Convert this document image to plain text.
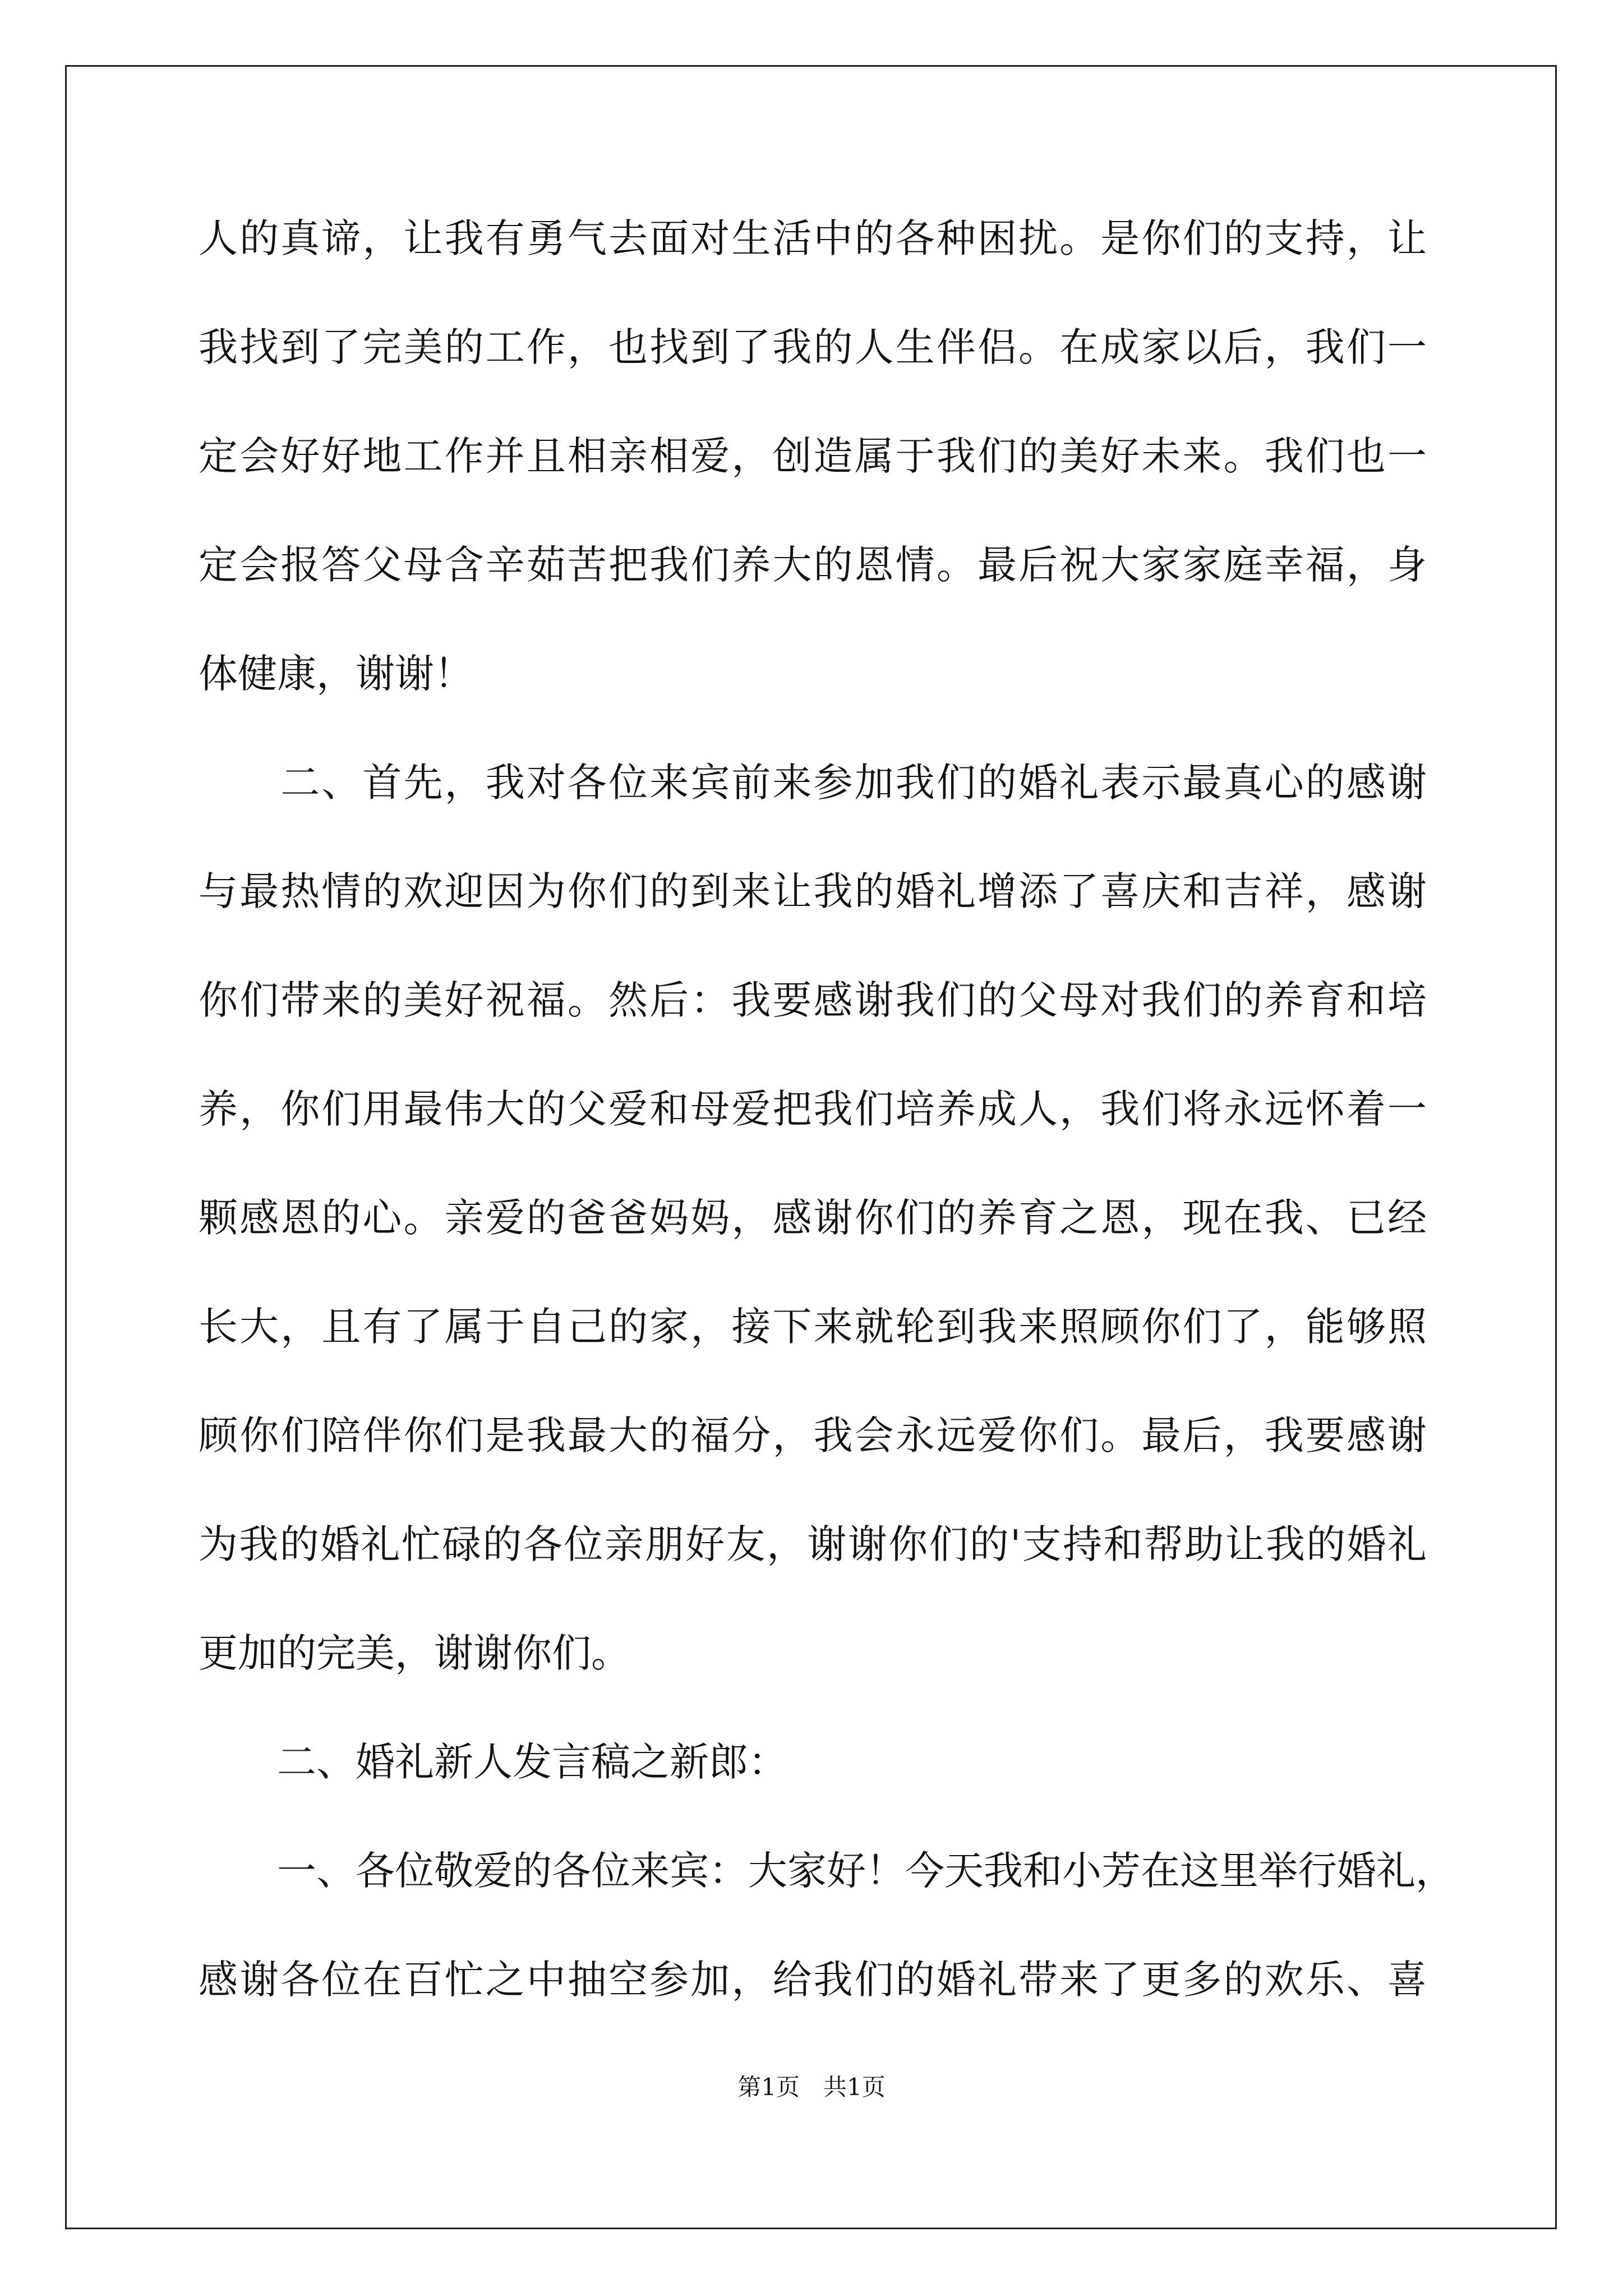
人的真谛，让我有勇气去面对生活中的各种困扰。是你们的支持，让
我找到了完美的工作，也找到了我的人生伴侣。在成家以后，我们一
定会好好地工作并且相亲相爱，创造属于我们的美好未来。我们也一
定会报答父母含辛茹苦把我们养大的恩情。最后祝大家家庭幸福，身
体健康，谢谢！
　　二、首先，我对各位来宾前来参加我们的婚礼表示最真心的感谢
与最热情的欢迎因为你们的到来让我的婚礼增添了喜庆和吉祥，感谢
你们带来的美好祝福。然后：我要感谢我们的父母对我们的养育和培
养，你们用最伟大的父爱和母爱把我们培养成人，我们将永远怀着一
颗感恩的心。亲爱的爸爸妈妈，感谢你们的养育之恩，现在我、已经
长大，且有了属于自己的家，接下来就轮到我来照顾你们了，能够照
顾你们陪伴你们是我最大的福分，我会永远爱你们。最后，我要感谢
为我的婚礼忙碌的各位亲朋好友，谢谢你们的'支持和帮助让我的婚礼
更加的完美，谢谢你们。
　　二、婚礼新人发言稿之新郎：
　　一、各位敬爱的各位来宾：大家好！今天我和小芳在这里举行婚礼，
感谢各位在百忙之中抽空参加，给我们的婚礼带来了更多的欢乐、喜
第1页　共1页
